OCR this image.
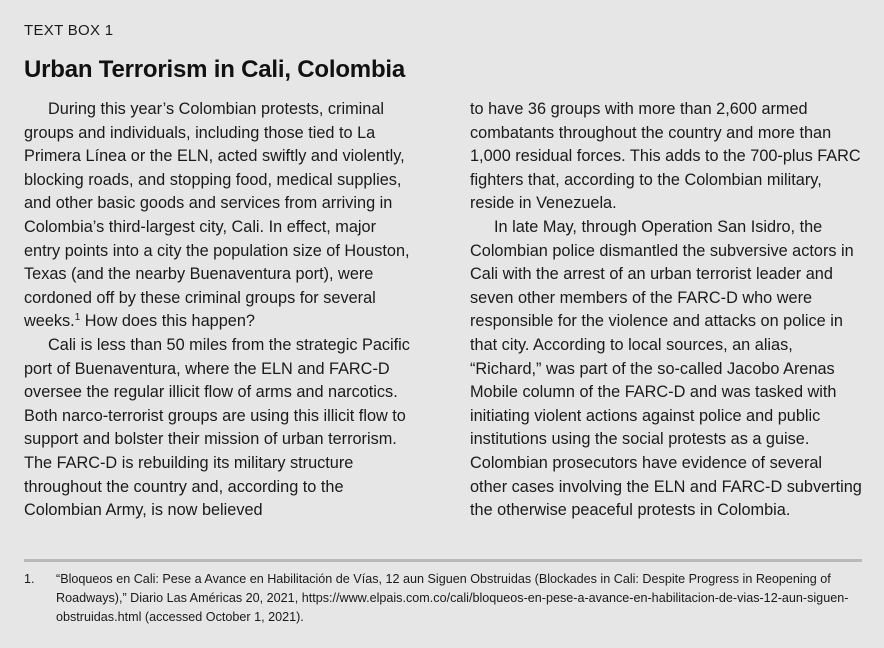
TEXT BOX 1
Urban Terrorism in Cali, Colombia

During this year’s Colombian protests, criminal groups and individuals, including those tied to La Primera Línea or the ELN, acted swiftly and violently, blocking roads, and stopping food, medical supplies, and other basic goods and services from arriving in Colombia’s third-largest city, Cali. In effect, major entry points into a city the population size of Houston, Texas (and the nearby Buenaventura port), were cordoned off by these criminal groups for several weeks.$^1$ How does this happen?

Cali is less than 50 miles from the strategic Pacific port of Buenaventura, where the ELN and FARC-D oversee the regular illicit flow of arms and narcotics. Both narco-terrorist groups are using this illicit flow to support and bolster their mission of urban terrorism. The FARC-D is rebuilding its military structure throughout the country and, according to the Colombian Army, is now believed

to have 36 groups with more than 2,600 armed combatants throughout the country and more than 1,000 residual forces. This adds to the 700-plus FARC fighters that, according to the Colombian military, reside in Venezuela.

In late May, through Operation San Isidro, the Colombian police dismantled the subversive actors in Cali with the arrest of an urban terrorist leader and seven other members of the FARC-D who were responsible for the violence and attacks on police in that city. According to local sources, an alias, “Richard,” was part of the so-called Jacobo Arenas Mobile column of the FARC-D and was tasked with initiating violent actions against police and public institutions using the social protests as a guise. Colombian prosecutors have evidence of several other cases involving the ELN and FARC-D subverting the otherwise peaceful protests in Colombia.

1.	“Bloqueos en Cali: Pese a Avance en Habilitación de Vías, 12 aun Siguen Obstruidas (Blockades in Cali: Despite Progress in Reopening of Roadways),” Diario Las Américas 20, 2021, https://www.elpais.com.co/cali/bloqueos-en-pese-a-avance-en-habilitacion-de-vias-12-aun-siguen-obstruidas.html (accessed October 1, 2021).
